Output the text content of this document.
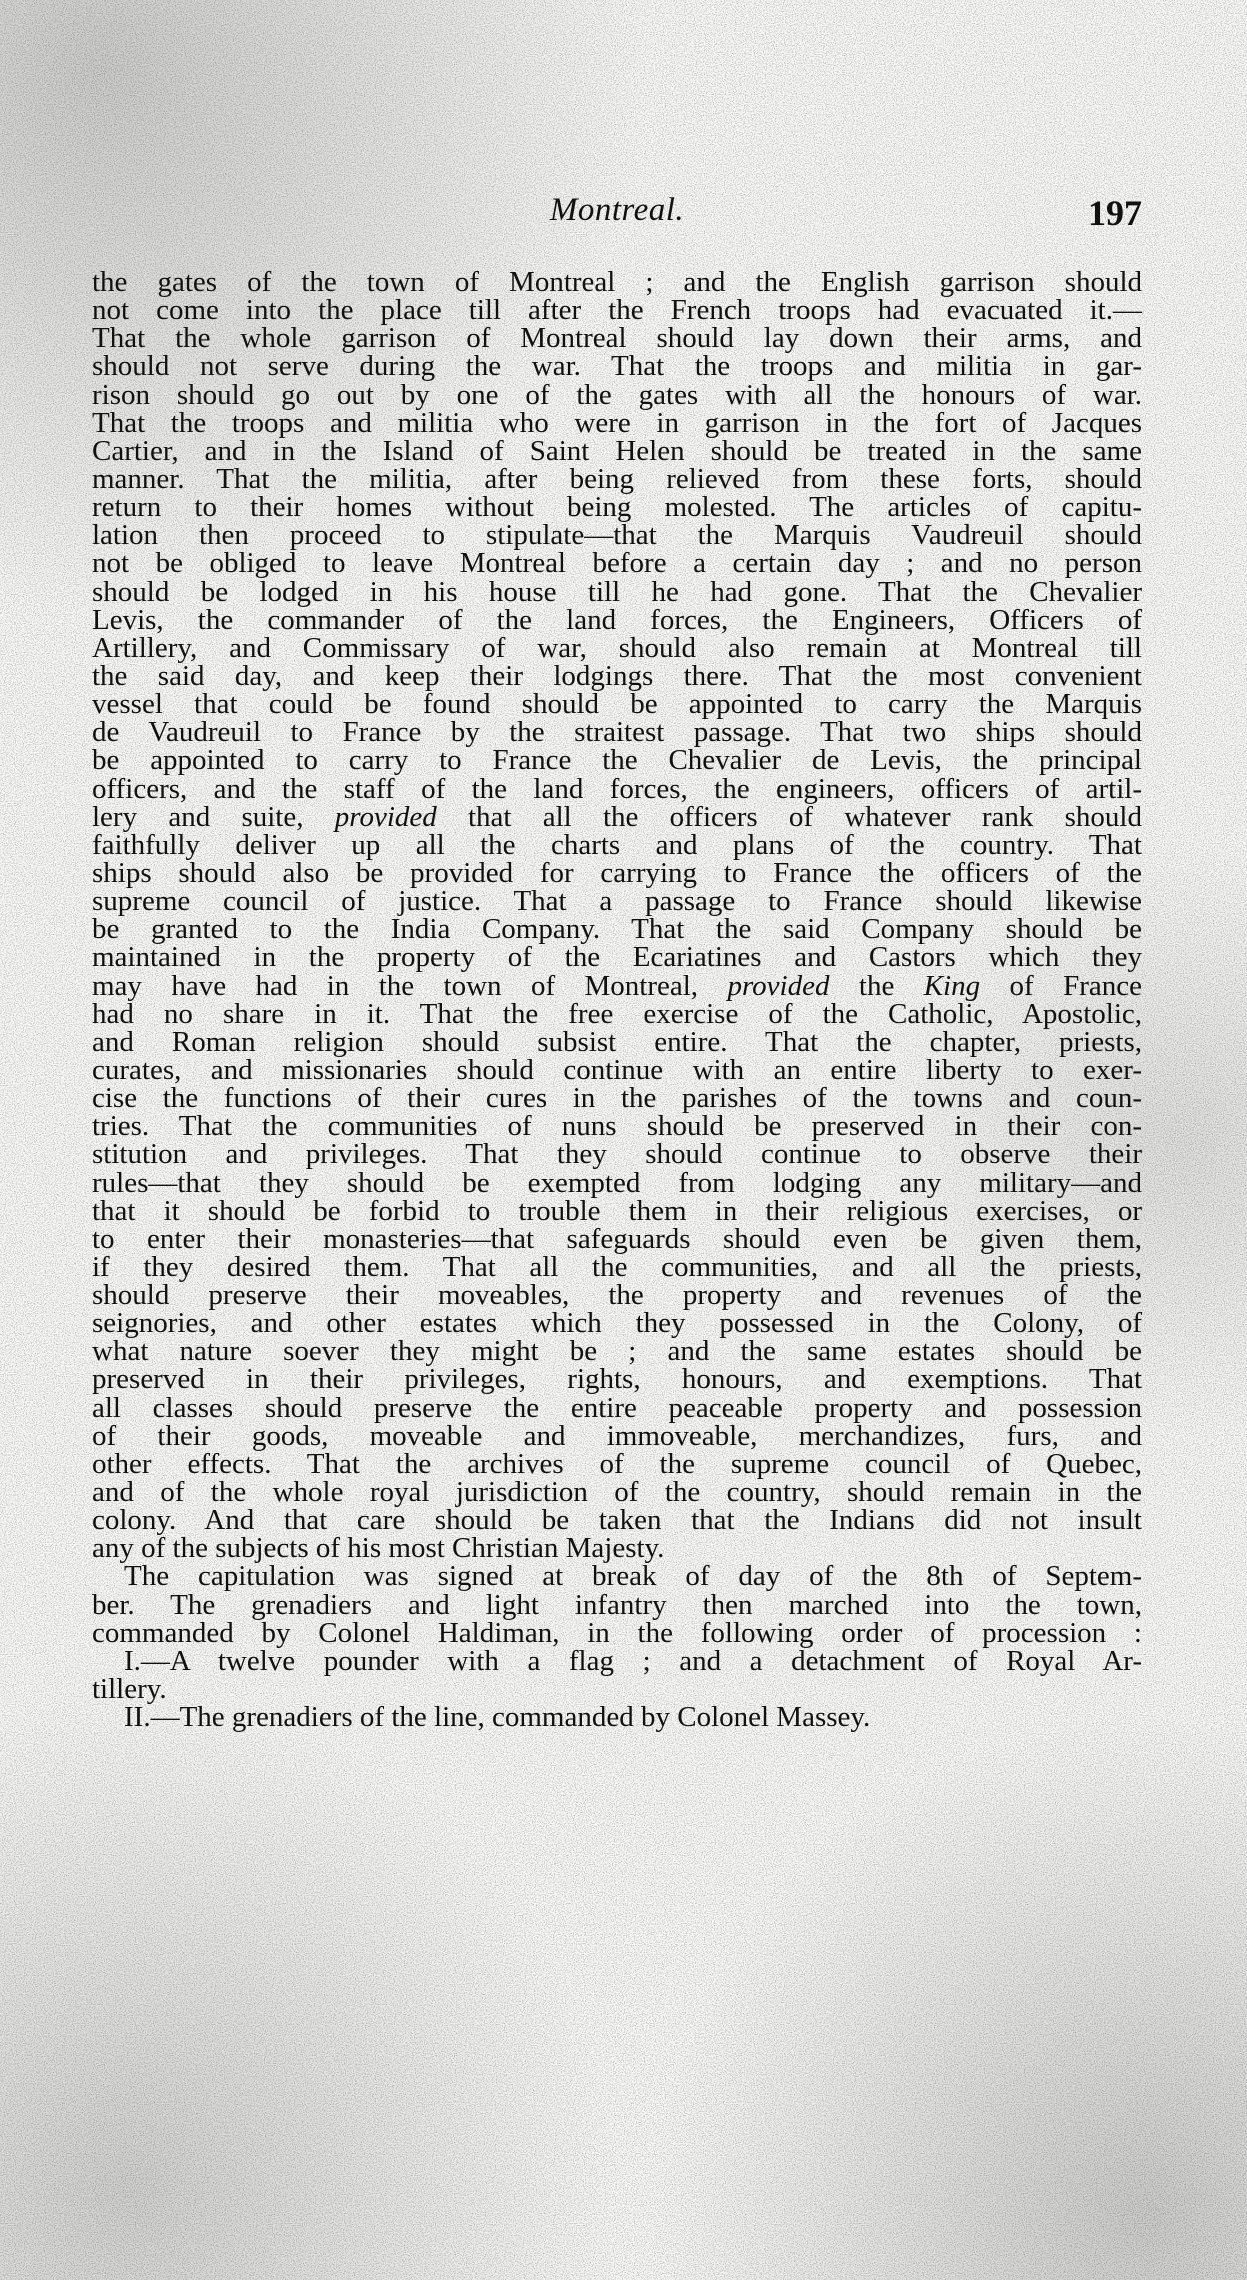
Montreal.	197
the gates of the town of Montreal ; and the English garrison should
not come into the place till after the French troops had evacuated it.—
That the whole garrison of Montreal should lay down their arms, and
should not serve during the war. That the troops and militia in gar-
rison should go out by one of the gates with all the honours of war.
That the troops and militia who were in garrison in the fort of Jacques
Cartier, and in the Island of Saint Helen should be treated in the same
manner. That the militia, after being relieved from these forts, should
return to their homes without being molested. The articles of capitu-
lation then proceed to stipulate—that the Marquis Vaudreuil should
not be obliged to leave Montreal before a certain day ; and no person
should be lodged in his house till he had gone. That the Chevalier
Levis, the commander of the land forces, the Engineers, Officers of
Artillery, and Commissary of war, should also remain at Montreal till
the said day, and keep their lodgings there. That the most convenient
vessel that could be found should be appointed to carry the Marquis
de Vaudreuil to France by the straitest passage. That two ships should
be appointed to carry to France the Chevalier de Levis, the principal
officers, and the staff of the land forces, the engineers, officers of artil-
lery and suite, provided that all the officers of whatever rank should
faithfully deliver up all the charts and plans of the country. That
ships should also be provided for carrying to France the officers of the
supreme council of justice. That a passage to France should likewise
be granted to the India Company. That the said Company should be
maintained in the property of the Ecariatines and Castors which they
may have had in the town of Montreal, provided the King of France
had no share in it. That the free exercise of the Catholic, Apostolic,
and Roman religion should subsist entire. That the chapter, priests,
curates, and missionaries should continue with an entire liberty to exer-
cise the functions of their cures in the parishes of the towns and coun-
tries. That the communities of nuns should be preserved in their con-
stitution and privileges. That they should continue to observe their
rules—that they should be exempted from lodging any military—and
that it should be forbid to trouble them in their religious exercises, or
to enter their monasteries—that safeguards should even be given them,
if they desired them. That all the communities, and all the priests,
should preserve their moveables, the property and revenues of the
seignories, and other estates which they possessed in the Colony, of
what nature soever they might be ; and the same estates should be
preserved in their privileges, rights, honours, and exemptions. That
all classes should preserve the entire peaceable property and possession
of their goods, moveable and immoveable, merchandizes, furs, and
other effects. That the archives of the supreme council of Quebec,
and of the whole royal jurisdiction of the country, should remain in the
colony. And that care should be taken that the Indians did not insult
any of the subjects of his most Christian Majesty.
The capitulation was signed at break of day of the 8th of Septem-
ber. The grenadiers and light infantry then marched into the town,
commanded by Colonel Haldiman, in the following order of procession :
I.—A twelve pounder with a flag ; and a detachment of Royal Ar-
tillery.
II.—The grenadiers of the line, commanded by Colonel Massey.
